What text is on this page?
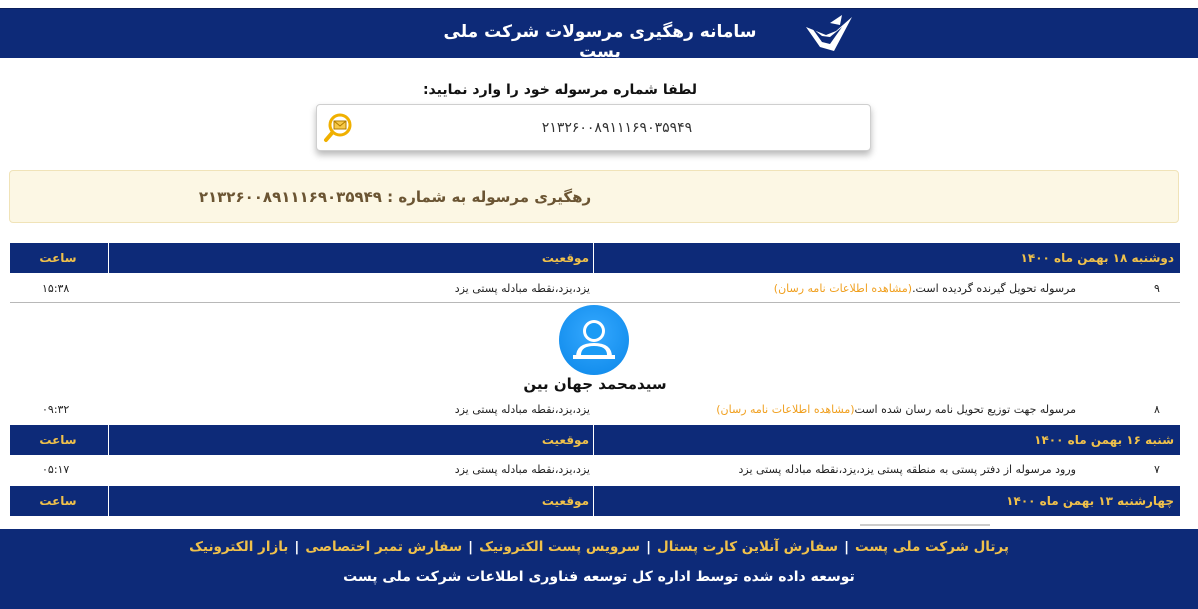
سامانه رهگیری مرسولات شرکت ملی پست
لطفا شماره مرسوله خود را وارد نمایید:
۲۱۳۲۶۰۰۸۹۱۱۱۶۹۰۳۵۹۴۹
رهگیری مرسوله به شماره : ۲۱۳۲۶۰۰۸۹۱۱۱۶۹۰۳۵۹۴۹
دوشنبه ۱۸ بهمن ماه ۱۴۰۰
موقعیت
ساعت
۹
مرسوله تحویل گیرنده گردیده است.(مشاهده اطلاعات نامه رسان)
یزد،یزد،نقطه مبادله پستی یزد
۱۵:۳۸
سیدمحمد جهان بین
۸
مرسوله جهت توزیع تحویل نامه رسان شده است(مشاهده اطلاعات نامه رسان)
یزد،یزد،نقطه مبادله پستی یزد
۰۹:۳۲
شنبه ۱۶ بهمن ماه ۱۴۰۰
موقعیت
ساعت
۷
ورود مرسوله از دفتر پستی به منطقه پستی یزد،یزد،نقطه مبادله پستی یزد
یزد،یزد،نقطه مبادله پستی یزد
۰۵:۱۷
چهارشنبه ۱۳ بهمن ماه ۱۴۰۰
موقعیت
ساعت
پرتال شرکت ملی پست|سفارش آنلاین کارت پستال|سرویس پست الکترونیک|سفارش تمبر اختصاصی|بازار الکترونیک
توسعه داده شده توسط اداره کل توسعه فناوری اطلاعات شرکت ملی پست
